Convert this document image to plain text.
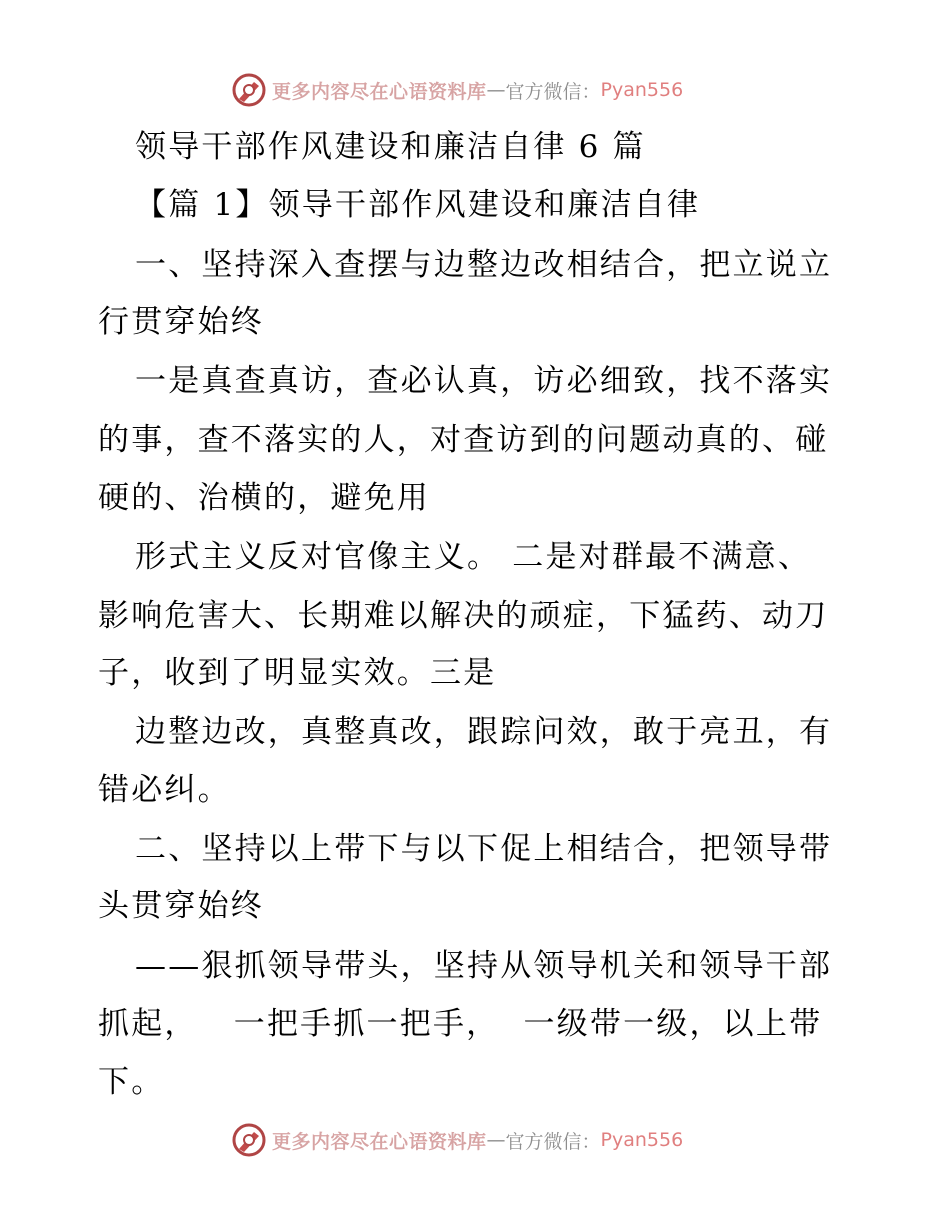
更多内容尽在心语资料库 — 官方微信： Pyan556
领导干部作风建设和廉洁自律 6 篇
【篇 1】领导干部作风建设和廉洁自律
一、坚持深入查摆与边整边改相结合，把立说立
行贯穿始终
一是真查真访，查必认真，访必细致，找不落实
的事，查不落实的人，对查访到的问题动真的、碰
硬的、治横的，避免用
形式主义反对官像主义。 二是对群最不满意、
影响危害大、长期难以解决的顽症，下猛药、动刀
子，收到了明显实效。三是
边整边改，真整真改，跟踪问效，敢于亮丑，有
错必纠。
二、坚持以上带下与以下促上相结合，把领导带
头贯穿始终
——狠抓领导带头，坚持从领导机关和领导干部
抓起，   一把手抓一把手，  一级带一级，以上带
下。
更多内容尽在心语资料库 — 官方微信： Pyan556
